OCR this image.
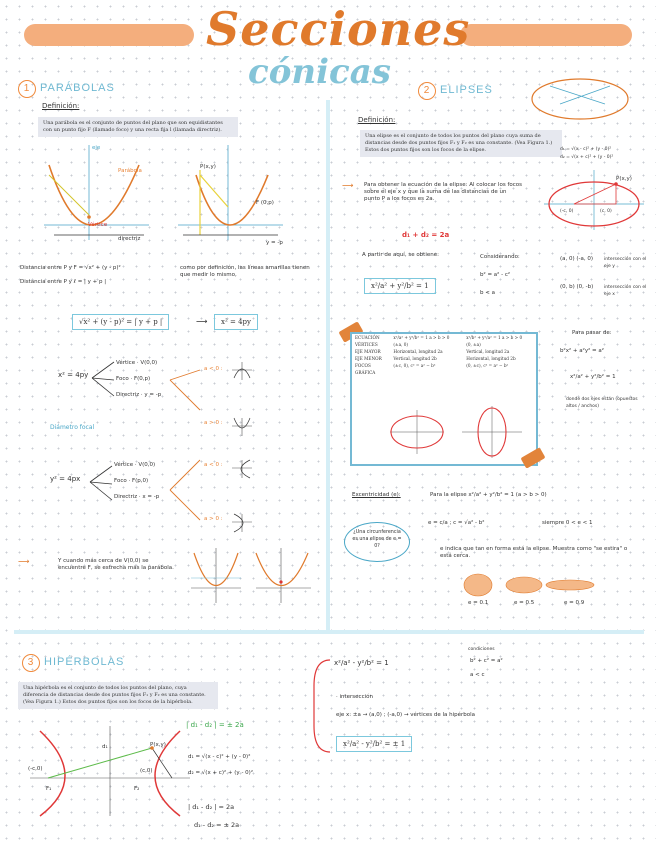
Secciones
cónicas
1 PARÁBOLAS
Definición:
Una parábola es el conjunto de puntos del plano que son equidistantes con un punto fijo F (llamado foco) y una recta fija l (llamada directriz).
Parábola
eje
Vértice
directriz
P(x,y)
F (0,p)
y = -p
Distancia entre P y F = √x² + (y - p)²
Distancia entre P y ℓ = | y + p |
como por definición, las líneas amarillas tienen que medir lo mismo,
√x² + (y - p)² = | y + p |	⟶	x² = 4py
x² = 4py
Vértice · V(0,0)
Foco · F(0,p)
Directriz · y = -p
Diámetro focal
y² = 4px
Vértice · V(0,0)
Foco · F(p,0)
Directriz · x = -p
a < 0 :
a > 0 :
a < 0 :
a > 0 :
⟶	Y cuando más cerca de V(0,0) se encuentre F, se estrecha más la parábola.
2 ELIPSES
Definición:
Una elipse es el conjunto de todos los puntos del plano cuya suma de distancias desde dos puntos fijos F₁ y F₂ es una constante. (Vea Figura 1.) Estos dos puntos fijos son los focos de la elipse.	d₁ = √(x - c)² + (y - 0)²
d₂ = √(x + c)² + (y - 0)²
P(x,y)
(-c, 0)	(c, 0)
⟶ Para obtener la ecuación de la elipse: Al colocar los focos sobre el eje x y que la suma de las distancias de un punto P a los focos es 2a.
d₁ + d₂ = 2a
A partir de aquí, se obtiene:
x²/a² + y²/b² = 1
Considerando:
b² = a² - c²
b < a
(a, 0) (-a, 0)	intersección con el eje y
(0, b) (0, -b)	intersección con el eje x
ECUACIÓN	x²/a² + y²/b² = 1 a > b > 0	x²/b² + y²/a² = 1 a > b > 0
VÉRTICES	(±a, 0)	(0, ±a)
EJE MAYOR	Horizontal, longitud 2a	Vertical, longitud 2a
EJE MENOR	Vertical, longitud 2b	Horizontal, longitud 2b
FOCOS	(±c, 0), c² = a² − b²	(0, ±c), c² = a² − b²
GRÁFICA		
Para pasar de:
b²x² + a²y² = a²
x²/a² + y²/b² = 1
donde dos ejes están (opuestos altos / anchos)
Excentricidad (e):	Para la elipse x²/a² + y²/b² = 1 (a > b > 0)
e = c/a ; c = √a² - b²	siempre 0 < e < 1
¿Una circunferencia es una elipse de e = 0?	e indica que tan en forma está la elipse. Muestra como "se estira" o está cerca.
e = 0.1	e = 0.5	e = 0.9
3 HIPÉRBOLAS
Una hipérbola es el conjunto de todos los puntos del plano, cuya diferencia de distancias desde dos puntos fijos F₁ y F₂ es una constante. (Vea Figura 1.) Estos dos puntos fijos son los focos de la hipérbola.
P(x,y)
(-c,0)	(c,0)
F₁	F₂
d₁
| d₁ - d₂ | = ± 2a
d₁ = √(x - c)² + (y - 0)²
d₂ = √(x + c)² + (y - 0)²
| d₁ - d₂ | = 2a
d₁ - d₂ = ± 2a
x²/a² - y²/b² = 1
condiciones
b² + c² = a²
a < c
· intersección
eje x: ±a → (a,0) ; (-a,0) → vértices de la hipérbola
x²/a² - y²/b² = ± 1
